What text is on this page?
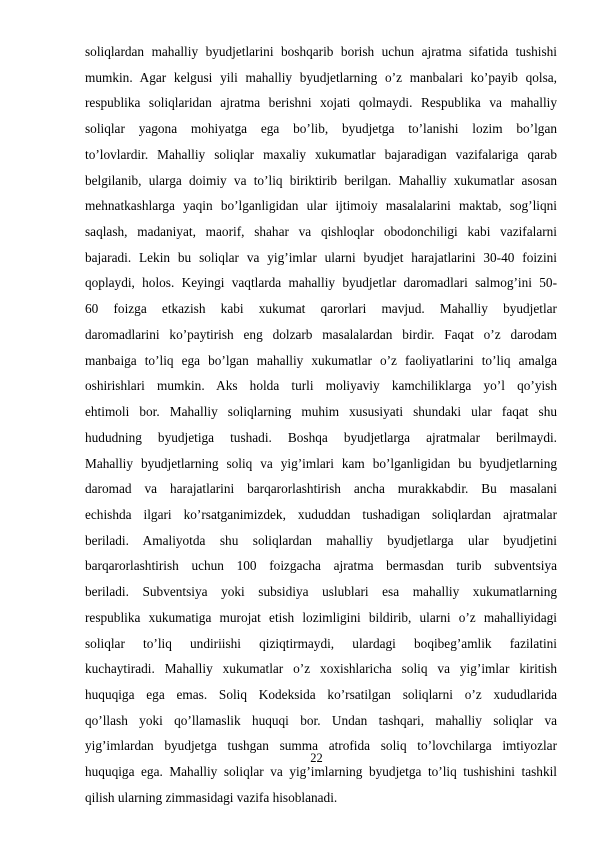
soliqlardan mahalliy byudjetlarini boshqarib borish uchun ajratma sifatida tushishi
mumkin. Agar kelgusi yili mahalliy byudjetlarning o’z manbalari ko’payib qolsa,
respublika soliqlaridan ajratma berishni xojati qolmaydi. Respublika va mahalliy
soliqlar yagona mohiyatga ega bo’lib, byudjetga to’lanishi lozim bo’lgan
to’lovlardir. Mahalliy soliqlar maxaliy xukumatlar bajaradigan vazifalariga qarab
belgilanib, ularga doimiy va to’liq biriktirib berilgan. Mahalliy xukumatlar asosan
mehnatkashlarga yaqin bo’lganligidan ular ijtimoiy masalalarini maktab, sog’liqni
saqlash, madaniyat, maorif, shahar va qishloqlar obodonchiligi kabi vazifalarni
bajaradi. Lekin bu soliqlar va yig’imlar ularni byudjet harajatlarini 30-40 foizini
qoplaydi, holos. Keyingi vaqtlarda mahalliy byudjetlar daromadlari salmog’ini 50-
60 foizga etkazish kabi xukumat qarorlari mavjud. Mahalliy byudjetlar
daromadlarini ko’paytirish eng dolzarb masalalardan birdir. Faqat o’z darodam
manbaiga to’liq ega bo’lgan mahalliy xukumatlar o’z faoliyatlarini to’liq amalga
oshirishlari mumkin. Aks holda turli moliyaviy kamchiliklarga yo’l qo’yish
ehtimoli bor. Mahalliy soliqlarning muhim xususiyati shundaki ular faqat shu
hududning byudjetiga tushadi. Boshqa byudjetlarga ajratmalar berilmaydi.
Mahalliy byudjetlarning soliq va yig’imlari kam bo’lganligidan bu byudjetlarning
daromad va harajatlarini barqarorlashtirish ancha murakkabdir. Bu masalani
echishda ilgari ko’rsatganimizdek, xududdan tushadigan soliqlardan ajratmalar
beriladi. Amaliyotda shu soliqlardan mahalliy byudjetlarga ular byudjetini
barqarorlashtirish uchun 100 foizgacha ajratma bermasdan turib subventsiya
beriladi. Subventsiya yoki subsidiya uslublari esa mahalliy xukumatlarning
respublika xukumatiga murojat etish lozimligini bildirib, ularni o’z mahalliyidagi
soliqlar to’liq undiriishi qiziqtirmaydi, ulardagi boqibeg’amlik fazilatini
kuchaytiradi. Mahalliy xukumatlar o’z xoxishlaricha soliq va yig’imlar kiritish
huquqiga ega emas. Soliq Kodeksida ko’rsatilgan soliqlarni o’z xududlarida
qo’llash yoki qo’llamaslik huquqi bor. Undan tashqari, mahalliy soliqlar va
yig’imlardan byudjetga tushgan summa atrofida soliq to’lovchilarga imtiyozlar
huquqiga ega. Mahalliy soliqlar va yig’imlarning byudjetga to’liq tushishini tashkil
qilish ularning zimmasidagi vazifa hisoblanadi.
22
